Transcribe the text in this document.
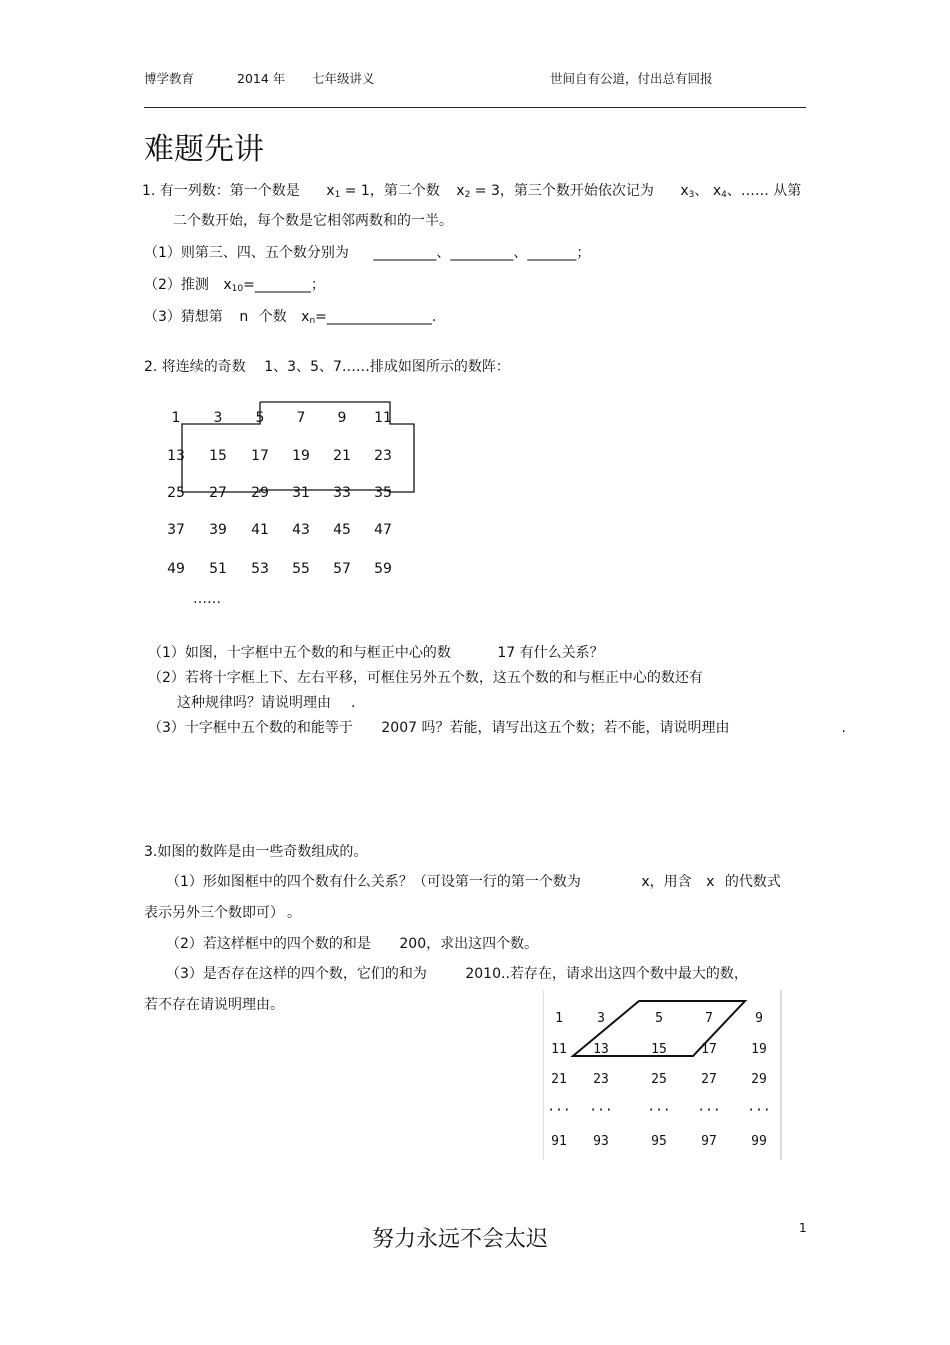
博学教育	2014 年 七年级讲义	世间自有公道，付出总有回报
难题先讲
1. 有一列数：第一个数是 x1 = 1，第二个数 x2 = 3，第三个数开始依次记为 x3、 x4、…… 从第
二个数开始，每个数是它相邻两数和的一半。
（1）则第三、四、五个数分别为 _________、_________、_______；
（2）推测 x10=________；
（3）猜想第 n 个数 xn=_______________.
2. 将连续的奇数 1、3、5、7……排成如图所示的数阵：
1	3	5	7	9	11
13	15	17	19	21	23
25	27	29	31	33	35
37	39	41	43	45	47
49	51	53	55	57	59
……
（1）如图，十字框中五个数的和与框正中心的数	17 有什么关系？
（2）若将十字框上下、左右平移，可框住另外五个数，这五个数的和与框正中心的数还有
这种规律吗？请说明理由 .
（3）十字框中五个数的和能等于 2007 吗？若能，请写出这五个数；若不能，请说明理由	.
3.如图的数阵是由一些奇数组成的。
（1）形如图框中的四个数有什么关系？（可设第一行的第一个数为	x，用含 x 的代数式
表示另外三个数即可） 。
（2）若这样框中的四个数的和是 200，求出这四个数。
（3）是否存在这样的四个数，它们的和为	2010..若存在，请求出这四个数中最大的数，
若不存在请说明理由。
1	3	5	7	9
11	13	15	17	19
21	23	25	27	29
···	···	···	···	···
91	93	95	97	99
努力永远不会太迟	1
